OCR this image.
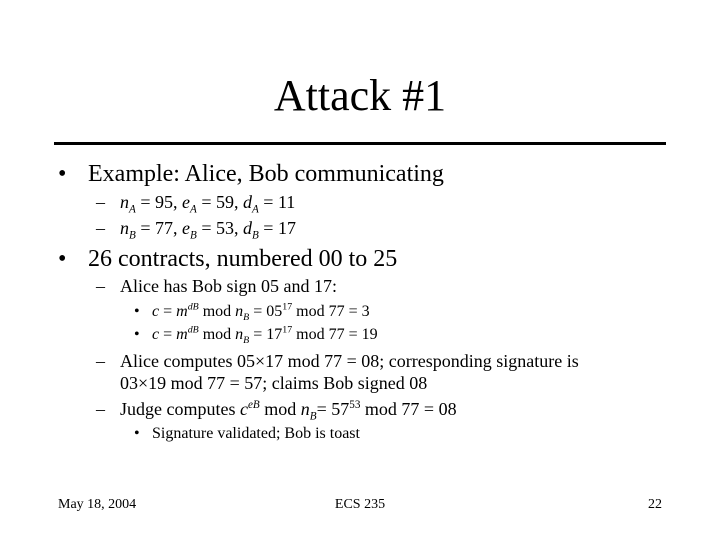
Attack #1
• Example: Alice, Bob communicating
– $n_A = 95$, $e_A = 59$, $d_A = 11$
– $n_B = 77$, $e_B = 53$, $d_B = 17$
• 26 contracts, numbered 00 to 25
– Alice has Bob sign 05 and 17:
• $c = m^{dB}$ mod $n_B = 05^{17}$ mod 77 = 3
• $c = m^{dB}$ mod $n_B = 17^{17}$ mod 77 = 19
– Alice computes 05×17 mod 77 = 08; corresponding signature is
03×19 mod 77 = 57; claims Bob signed 08
– Judge computes $c^{eB}$ mod $n_B= 57^{53}$ mod 77 = 08
• Signature validated; Bob is toast
May 18, 2004	ECS 235	22
